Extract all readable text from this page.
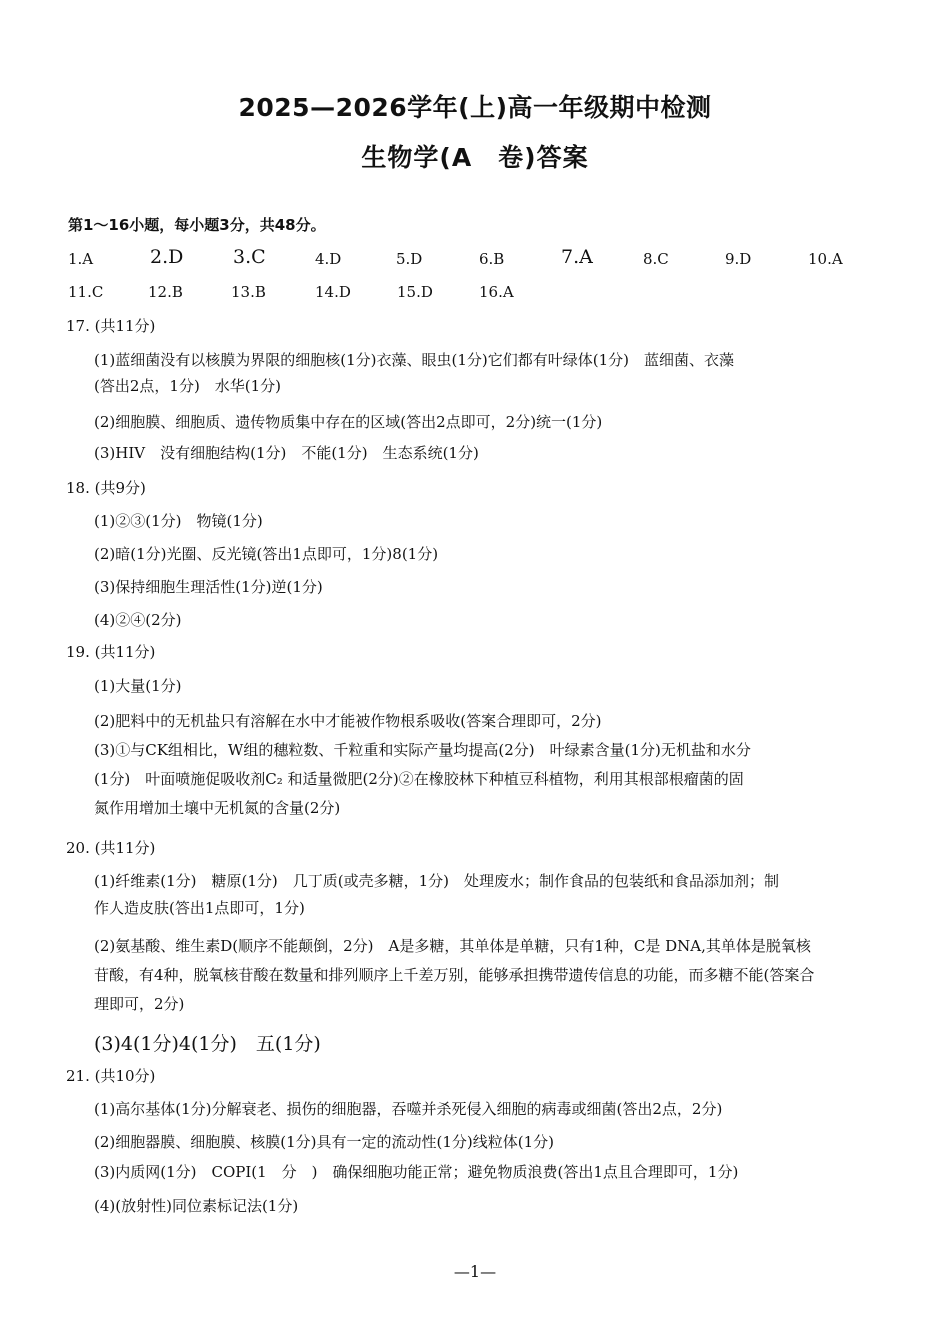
2025—2026学年(上)高一年级期中检测
生物学(A　卷)答案
第1～16小题，每小题3分，共48分。
1.A	2.D	3.C	4.D	5.D	6.B	7.A	8.C	9.D	10.A
11.C	12.B	13.B	14.D	15.D	16.A
17. (共11分)
(1)蓝细菌没有以核膜为界限的细胞核(1分)衣藻、眼虫(1分)它们都有叶绿体(1分)　蓝细菌、衣藻
(答出2点，1分)　水华(1分)
(2)细胞膜、细胞质、遗传物质集中存在的区域(答出2点即可，2分)统一(1分)
(3)HIV　没有细胞结构(1分)　不能(1分)　生态系统(1分)
18. (共9分)
(1)②③(1分)　物镜(1分)
(2)暗(1分)光圈、反光镜(答出1点即可，1分)8(1分)
(3)保持细胞生理活性(1分)逆(1分)
(4)②④(2分)
19. (共11分)
(1)大量(1分)
(2)肥料中的无机盐只有溶解在水中才能被作物根系吸收(答案合理即可，2分)
(3)①与CK组相比，W组的穗粒数、千粒重和实际产量均提高(2分)　叶绿素含量(1分)无机盐和水分
(1分)　叶面喷施促吸收剂C₂ 和适量微肥(2分)②在橡胶林下种植豆科植物，利用其根部根瘤菌的固
氮作用增加土壤中无机氮的含量(2分)
20. (共11分)
(1)纤维素(1分)　糖原(1分)　几丁质(或壳多糖，1分)　处理废水；制作食品的包装纸和食品添加剂；制
作人造皮肤(答出1点即可，1分)
(2)氨基酸、维生素D(顺序不能颠倒，2分)　A是多糖，其单体是单糖，只有1种，C是 DNA,其单体是脱氧核
苷酸，有4种，脱氧核苷酸在数量和排列顺序上千差万别，能够承担携带遗传信息的功能，而多糖不能(答案合
理即可，2分)
(3)4(1分)4(1分)　五(1分)
21. (共10分)
(1)高尔基体(1分)分解衰老、损伤的细胞器，吞噬并杀死侵入细胞的病毒或细菌(答出2点，2分)
(2)细胞器膜、细胞膜、核膜(1分)具有一定的流动性(1分)线粒体(1分)
(3)内质网(1分)　COPI(1　分　)　确保细胞功能正常；避免物质浪费(答出1点且合理即可，1分)
(4)(放射性)同位素标记法(1分)
—1—
